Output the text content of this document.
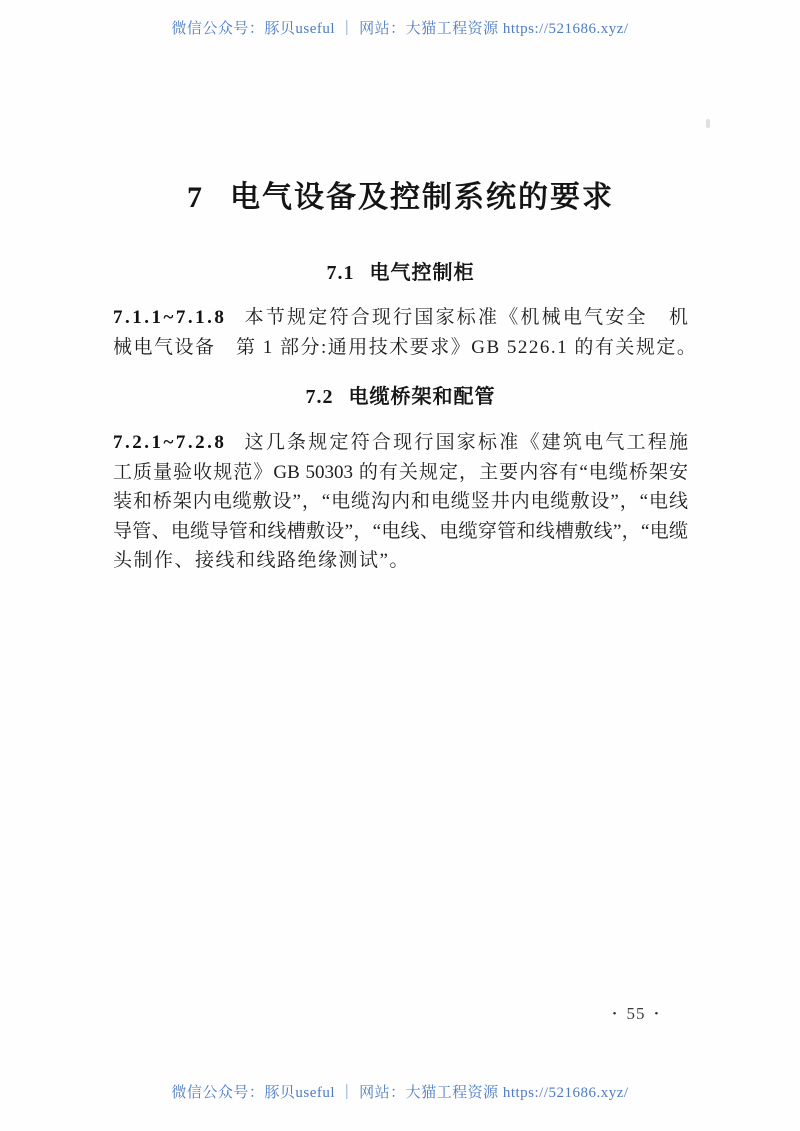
微信公众号：豚贝useful ｜ 网站：大猫工程资源 https://521686.xyz/
7 电气设备及控制系统的要求
7.1 电气控制柜
7.1.1~7.1.8 本节规定符合现行国家标准《机械电气安全　机
械电气设备　第 1 部分:通用技术要求》GB 5226.1 的有关规定。
7.2 电缆桥架和配管
7.2.1~7.2.8 这几条规定符合现行国家标准《建筑电气工程施
工质量验收规范》GB 50303 的有关规定，主要内容有“电缆桥架安
装和桥架内电缆敷设”，“电缆沟内和电缆竖井内电缆敷设”，“电线
导管、电缆导管和线槽敷设”，“电线、电缆穿管和线槽敷线”，“电缆
头制作、接线和线路绝缘测试”。
• 55 •
微信公众号：豚贝useful ｜ 网站：大猫工程资源 https://521686.xyz/
